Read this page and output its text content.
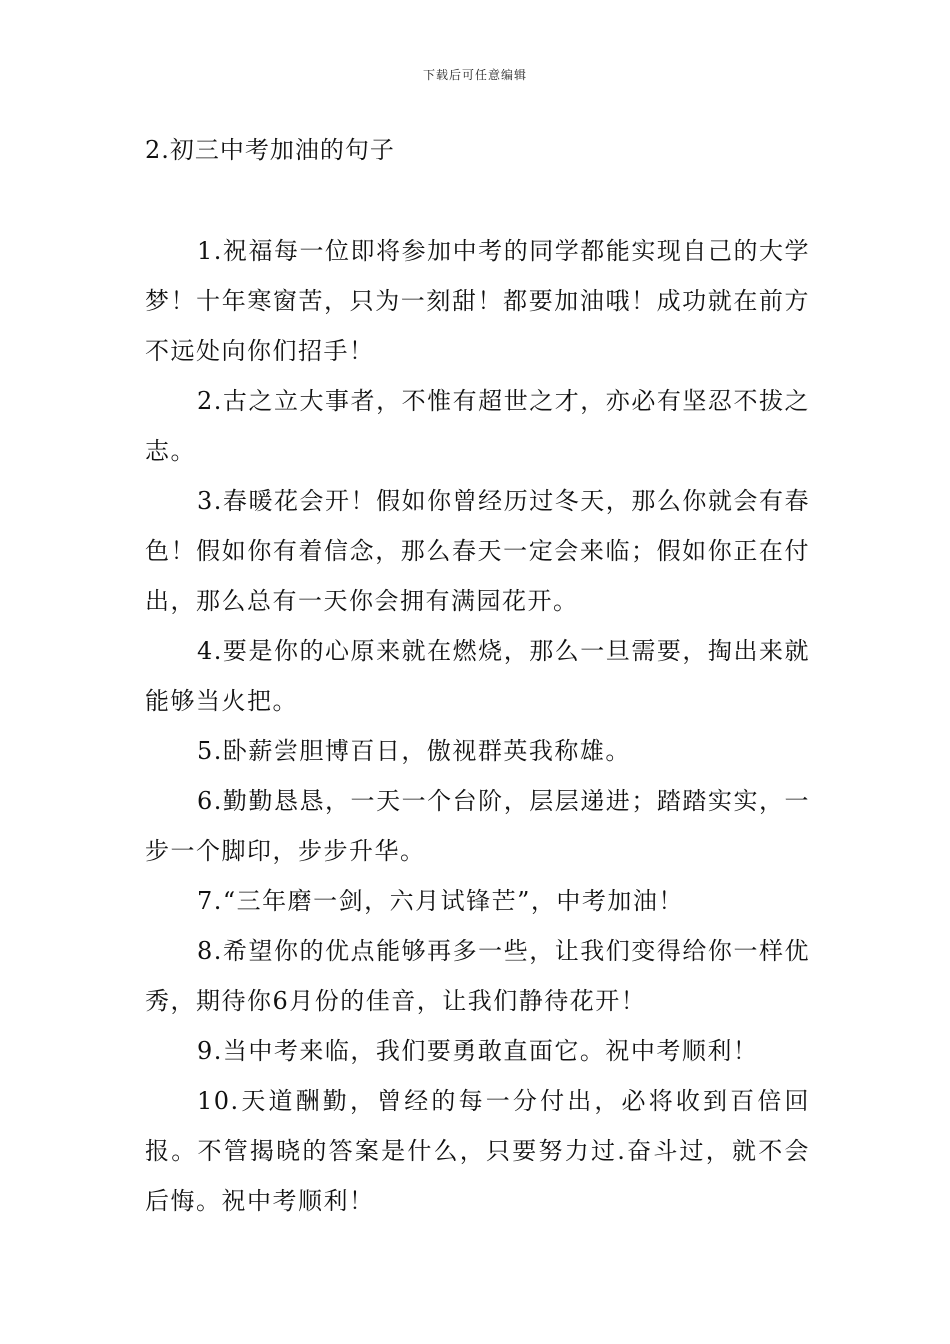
下载后可任意编辑
2.初三中考加油的句子

1.祝福每一位即将参加中考的同学都能实现自己的大学梦！十年寒窗苦，只为一刻甜！都要加油哦！成功就在前方不远处向你们招手！

2.古之立大事者，不惟有超世之才，亦必有坚忍不拔之志。

3.春暖花会开！假如你曾经历过冬天，那么你就会有春色！假如你有着信念，那么春天一定会来临；假如你正在付出，那么总有一天你会拥有满园花开。

4.要是你的心原来就在燃烧，那么一旦需要，掏出来就能够当火把。

5.卧薪尝胆博百日，傲视群英我称雄。

6.勤勤恳恳，一天一个台阶，层层递进；踏踏实实，一步一个脚印，步步升华。

7.“三年磨一剑，六月试锋芒”，中考加油！

8.希望你的优点能够再多一些，让我们变得给你一样优秀，期待你6月份的佳音，让我们静待花开！

9.当中考来临，我们要勇敢直面它。祝中考顺利！

10.天道酬勤，曾经的每一分付出，必将收到百倍回报。不管揭晓的答案是什么，只要努力过.奋斗过，就不会后悔。祝中考顺利！
